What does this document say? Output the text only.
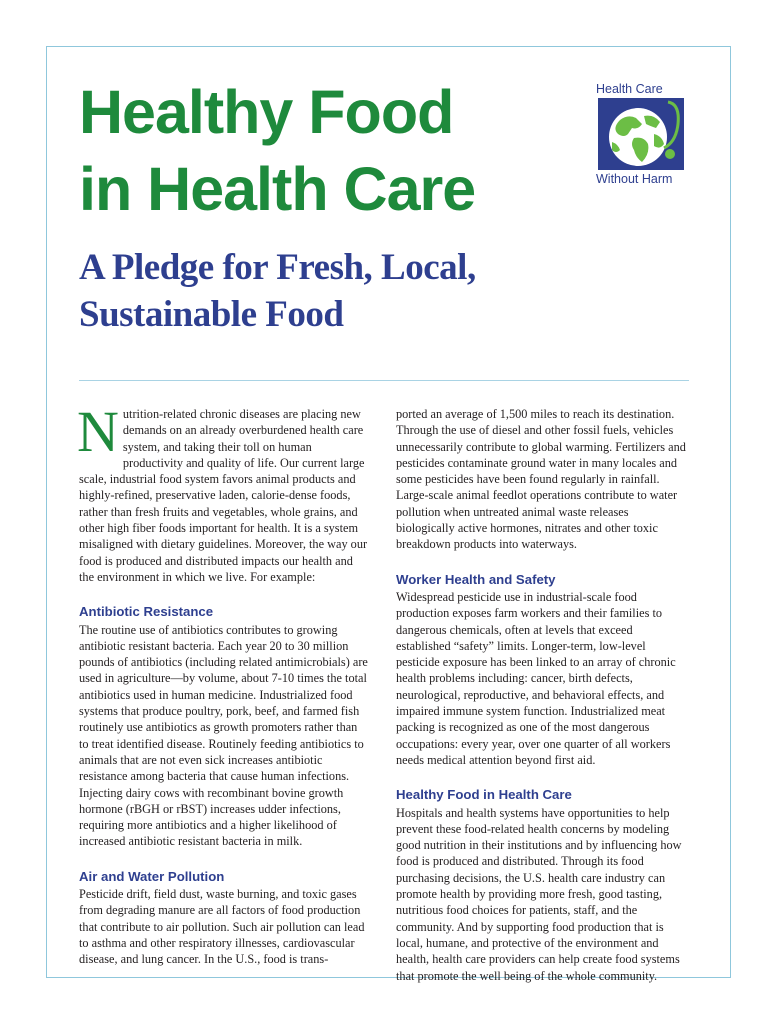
Healthy Food
in Health Care
A Pledge for Fresh, Local,
Sustainable Food
Health Care
Without Harm

Nutrition-related chronic diseases are placing new demands on an already overburdened health care system, and taking their toll on human productivity and quality of life. Our current large scale, industrial food system favors animal products and highly-refined, preservative laden, calorie-dense foods, rather than fresh fruits and vegetables, whole grains, and other high fiber foods important for health. It is a system misaligned with dietary guidelines. Moreover, the way our food is produced and distributed impacts our health and the environment in which we live. For example:

Antibiotic Resistance

The routine use of antibiotics contributes to growing antibiotic resistant bacteria. Each year 20 to 30 million pounds of antibiotics (including related antimicrobials) are used in agriculture—by volume, about 7-10 times the total antibiotics used in human medicine. Industrialized food systems that produce poultry, pork, beef, and farmed fish routinely use antibiotics as growth promoters rather than to treat identified disease. Routinely feeding antibiotics to animals that are not even sick increases antibiotic resistance among bacteria that cause human infections. Injecting dairy cows with recombinant bovine growth hormone (rBGH or rBST) increases udder infections, requiring more antibiotics and a higher likelihood of increased antibiotic resistant bacteria in milk.

Air and Water Pollution

Pesticide drift, field dust, waste burning, and toxic gases from degrading manure are all factors of food production that contribute to air pollution. Such air pollution can lead to asthma and other respiratory illnesses, cardiovascular disease, and lung cancer. In the U.S., food is trans-

ported an average of 1,500 miles to reach its destination. Through the use of diesel and other fossil fuels, vehicles unnecessarily contribute to global warming. Fertilizers and pesticides contaminate ground water in many locales and some pesticides have been found regularly in rainfall. Large-scale animal feedlot operations contribute to water pollution when untreated animal waste releases biologically active hormones, nitrates and other toxic breakdown products into waterways.

Worker Health and Safety

Widespread pesticide use in industrial-scale food production exposes farm workers and their families to dangerous chemicals, often at levels that exceed established “safety” limits. Longer-term, low-level pesticide exposure has been linked to an array of chronic health problems including: cancer, birth defects, neurological, reproductive, and behavioral effects, and impaired immune system function. Industrialized meat packing is recognized as one of the most dangerous occupations: every year, over one quarter of all workers needs medical attention beyond first aid.

Healthy Food in Health Care

Hospitals and health systems have opportunities to help prevent these food-related health concerns by modeling good nutrition in their institutions and by influencing how food is produced and distributed. Through its food purchasing decisions, the U.S. health care industry can promote health by providing more fresh, good tasting, nutritious food choices for patients, staff, and the community. And by supporting food production that is local, humane, and protective of the environment and health, health care providers can help create food systems that promote the well being of the whole community.
